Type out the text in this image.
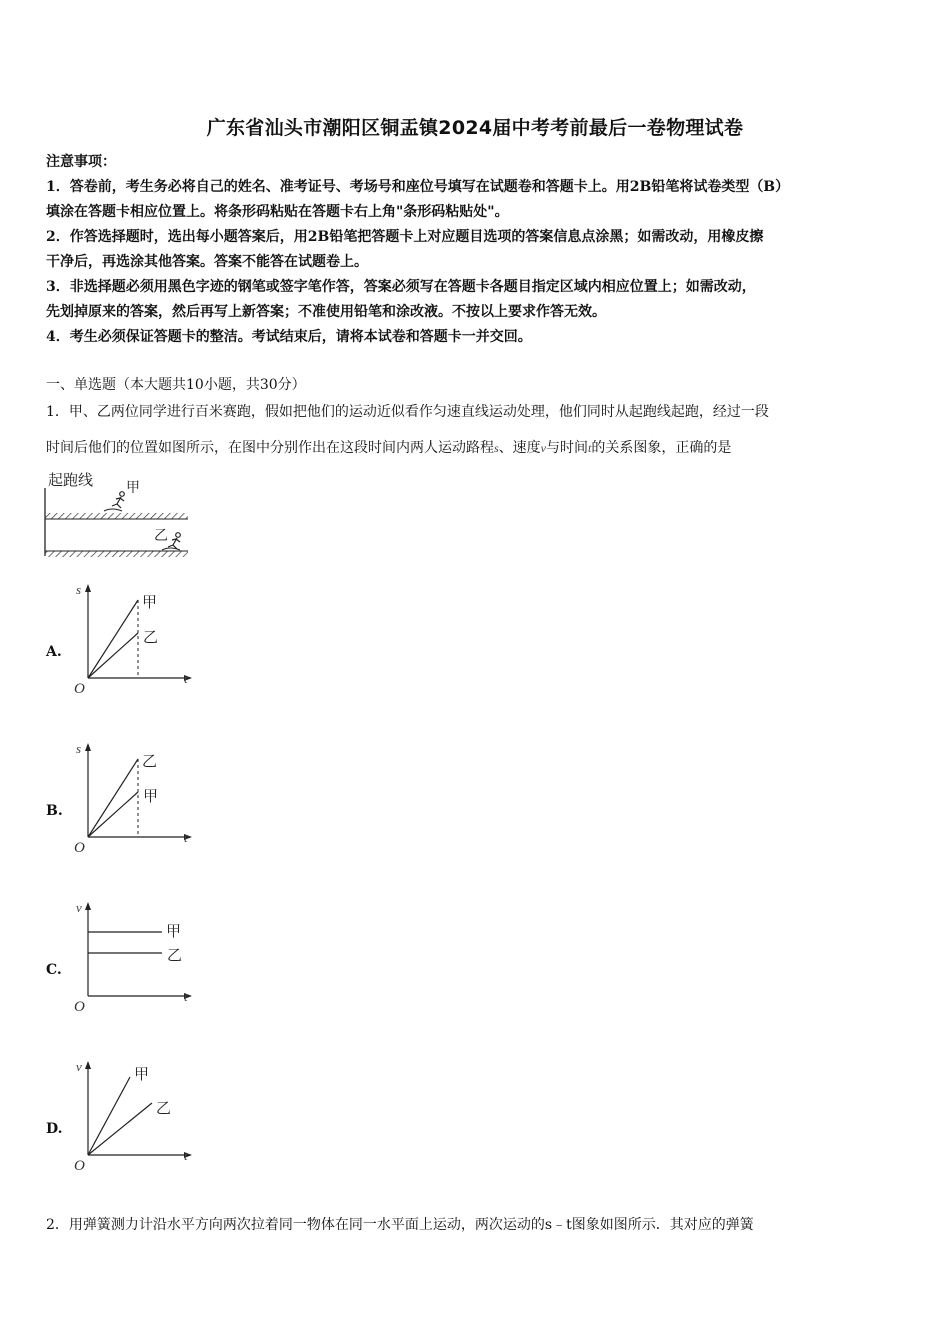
广东省汕头市潮阳区铜盂镇2024届中考考前最后一卷物理试卷
注意事项：
1．答卷前，考生务必将自己的姓名、准考证号、考场号和座位号填写在试题卷和答题卡上。用2B铅笔将试卷类型（B）
填涂在答题卡相应位置上。将条形码粘贴在答题卡右上角"条形码粘贴处"。
2．作答选择题时，选出每小题答案后，用2B铅笔把答题卡上对应题目选项的答案信息点涂黑；如需改动，用橡皮擦
干净后，再选涂其他答案。答案不能答在试题卷上。
3．非选择题必须用黑色字迹的钢笔或签字笔作答，答案必须写在答题卡各题目指定区域内相应位置上；如需改动，
先划掉原来的答案，然后再写上新答案；不准使用铅笔和涂改液。不按以上要求作答无效。
4．考生必须保证答题卡的整洁。考试结束后，请将本试卷和答题卡一并交回。
一、单选题（本大题共10小题，共30分）
1．甲、乙两位同学进行百米赛跑，假如把他们的运动近似看作匀速直线运动处理，他们同时从起跑线起跑，经过一段
时间后他们的位置如图所示，在图中分别作出在这段时间内两人运动路程s、速度v与时间t的关系图象，正确的是
起跑线 甲
乙
A.
s
t
O
甲
乙
B.
s
t
O
乙
甲
C.
v
t
O
甲
乙
D.
v
t
O
甲
乙
2．用弹簧测力计沿水平方向两次拉着同一物体在同一水平面上运动，两次运动的s﹣t图象如图所示．其对应的弹簧
